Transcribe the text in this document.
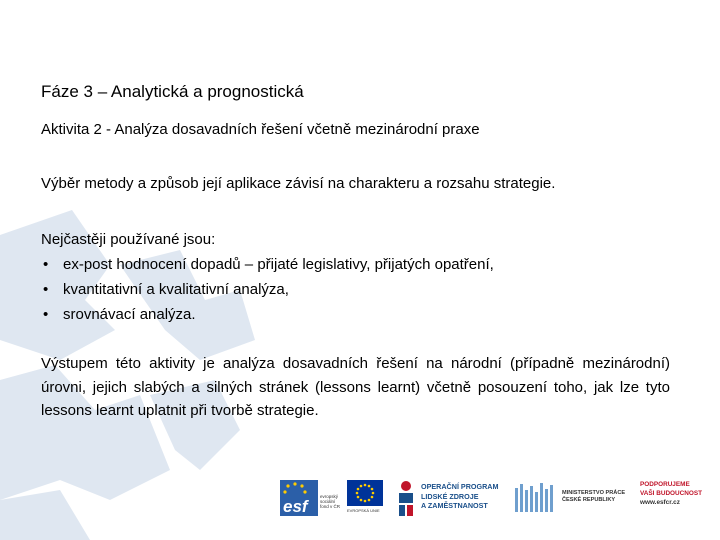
Fáze 3 – Analytická a prognostická
Aktivita 2 - Analýza dosavadních řešení včetně mezinárodní praxe
Výběr metody a způsob její aplikace závisí na charakteru a rozsahu strategie.
Nejčastěji používané jsou:
• ex-post hodnocení dopadů – přijaté legislativy, přijatých opatření,
• kvantitativní a kvalitativní analýza,
• srovnávací analýza.
Výstupem této aktivity je analýza dosavadních řešení na národní (případně mezinárodní) úrovni, jejich slabých a silných stránek (lessons learnt) včetně posouzení toho, jak lze tyto lessons learnt uplatnit při tvorbě strategie.
esf
evropský
sociální
fond v ČR
EVROPSKÁ UNIE
OPERAČNÍ PROGRAM
LIDSKÉ ZDROJE
A ZAMĚSTNANOST
MINISTERSTVO PRÁCE
ČESKÉ REPUBLIKY
PODPORUJEME
VAŠI BUDOUCNOST
www.esfcr.cz
